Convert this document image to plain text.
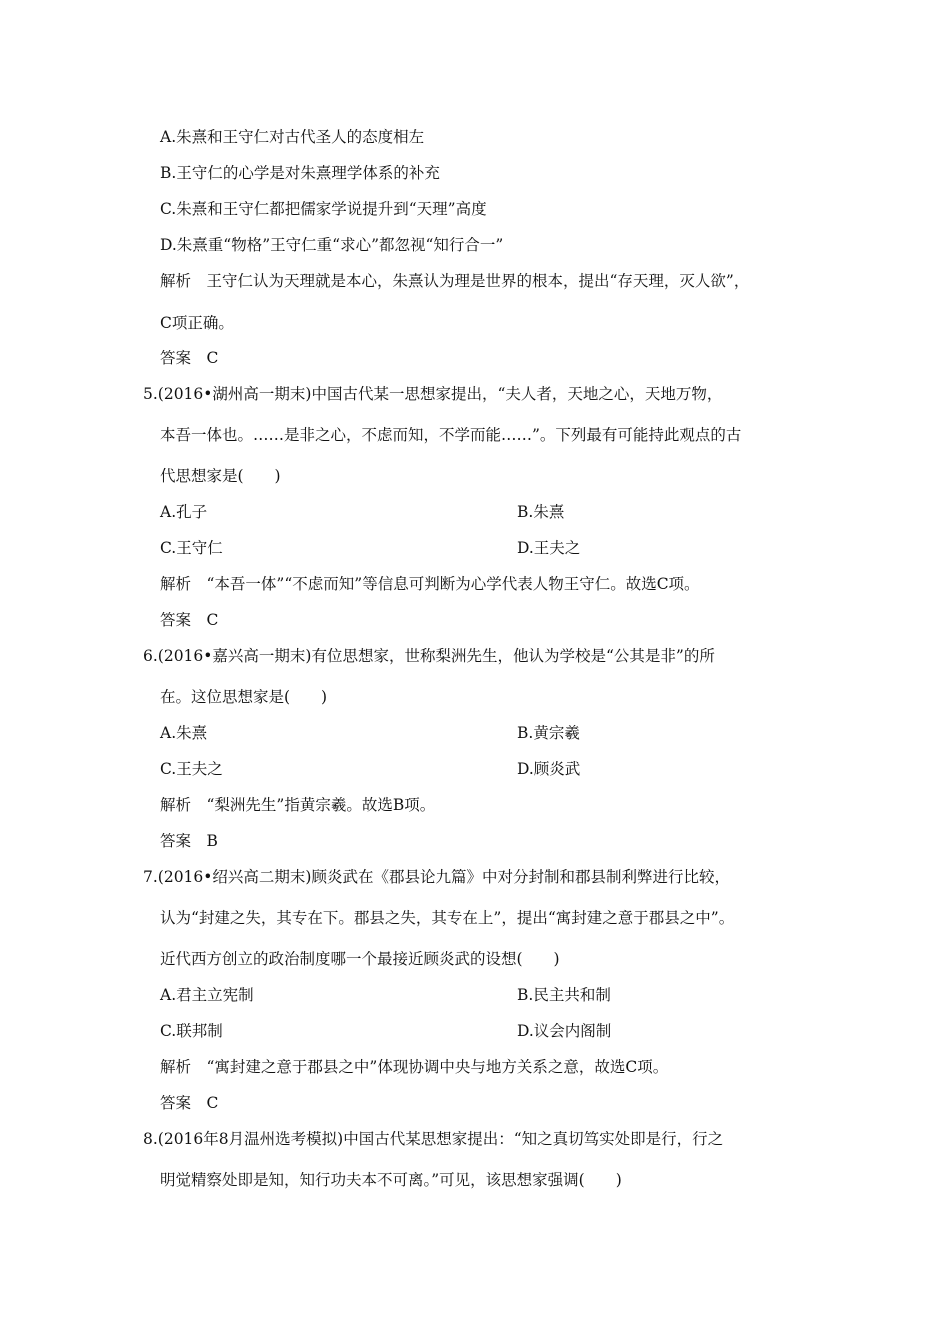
A.朱熹和王守仁对古代圣人的态度相左
B.王守仁的心学是对朱熹理学体系的补充
C.朱熹和王守仁都把儒家学说提升到“天理”高度
D.朱熹重“物格”王守仁重“求心”都忽视“知行合一”
解析　王守仁认为天理就是本心，朱熹认为理是世界的根本，提出“存天理，灭人欲”，
C项正确。
答案　C
5.(2016•湖州高一期末)中国古代某一思想家提出，“夫人者，天地之心，天地万物，
本吾一体也。……是非之心，不虑而知，不学而能……”。下列最有可能持此观点的古
代思想家是(　　)
A.孔子	B.朱熹
C.王守仁	D.王夫之
解析　“本吾一体”“不虑而知”等信息可判断为心学代表人物王守仁。故选C项。
答案　C
6.(2016•嘉兴高一期末)有位思想家，世称梨洲先生，他认为学校是“公其是非”的所
在。这位思想家是(　　)
A.朱熹	B.黄宗羲
C.王夫之	D.顾炎武
解析　“梨洲先生”指黄宗羲。故选B项。
答案　B
7.(2016•绍兴高二期末)顾炎武在《郡县论九篇》中对分封制和郡县制利弊进行比较，
认为“封建之失，其专在下。郡县之失，其专在上”，提出“寓封建之意于郡县之中”。
近代西方创立的政治制度哪一个最接近顾炎武的设想(　　)
A.君主立宪制	B.民主共和制
C.联邦制	D.议会内阁制
解析　“寓封建之意于郡县之中”体现协调中央与地方关系之意，故选C项。
答案　C
8.(2016年8月温州选考模拟)中国古代某思想家提出：“知之真切笃实处即是行，行之
明觉精察处即是知，知行功夫本不可离。”可见，该思想家强调(　　)
